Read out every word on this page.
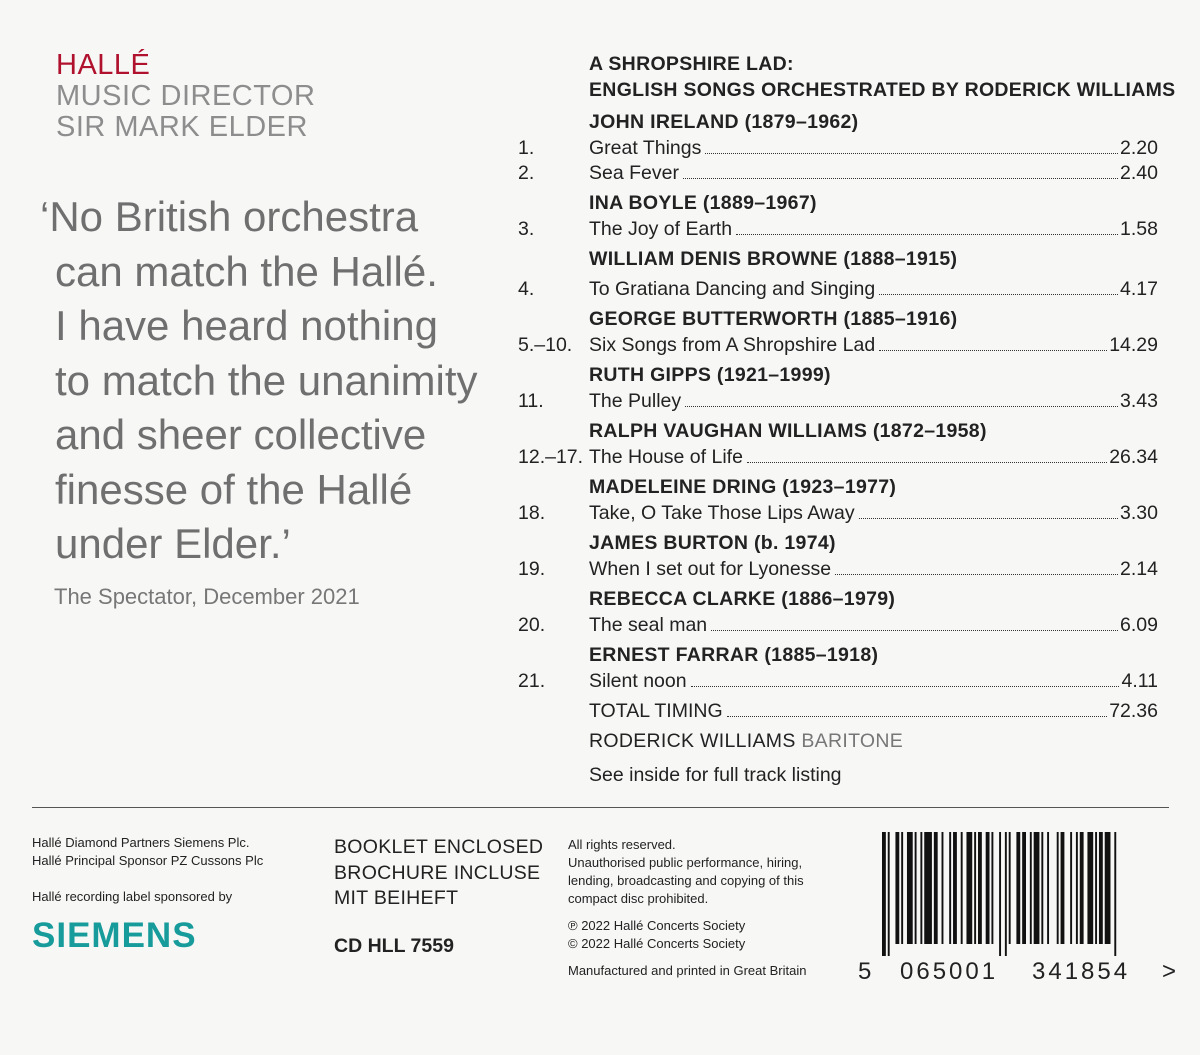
HALLÉ
MUSIC DIRECTOR
SIR MARK ELDER
‘No British orchestra
can match the Hallé.
I have heard nothing
to match the unanimity
and sheer collective
finesse of the Hallé
under Elder.’
The Spectator, December 2021
A SHROPSHIRE LAD:
ENGLISH SONGS ORCHESTRATED BY RODERICK WILLIAMS
JOHN IRELAND (1879–1962)
INA BOYLE (1889–1967)
WILLIAM DENIS BROWNE (1888–1915)
GEORGE BUTTERWORTH (1885–1916)
RUTH GIPPS (1921–1999)
RALPH VAUGHAN WILLIAMS (1872–1958)
MADELEINE DRING (1923–1977)
JAMES BURTON (b. 1974)
REBECCA CLARKE (1886–1979)
ERNEST FARRAR (1885–1918)
1.	Great Things	2.20
2.	Sea Fever	2.40
3.	The Joy of Earth	1.58
4.	To Gratiana Dancing and Singing	4.17
5.–10. Six Songs from A Shropshire Lad	14.29
11.	The Pulley	3.43
12.–17. The House of Life	26.34
18.	Take, O Take Those Lips Away	3.30
19.	When I set out for Lyonesse	2.14
20.	The seal man	6.09
21.	Silent noon	4.11
TOTAL TIMING	72.36
RODERICK WILLIAMS BARITONE
See inside for full track listing
Hallé Diamond Partners Siemens Plc.
Hallé Principal Sponsor PZ Cussons Plc
Hallé recording label sponsored by
SIEMENS
BOOKLET ENCLOSED
BROCHURE INCLUSE
MIT BEIHEFT
CD HLL 7559
All rights reserved.
Unauthorised public performance, hiring, lending, broadcasting and copying of this compact disc prohibited.
℗ 2022 Hallé Concerts Society
© 2022 Hallé Concerts Society
Manufactured and printed in Great Britain 5 065001 341854 >
